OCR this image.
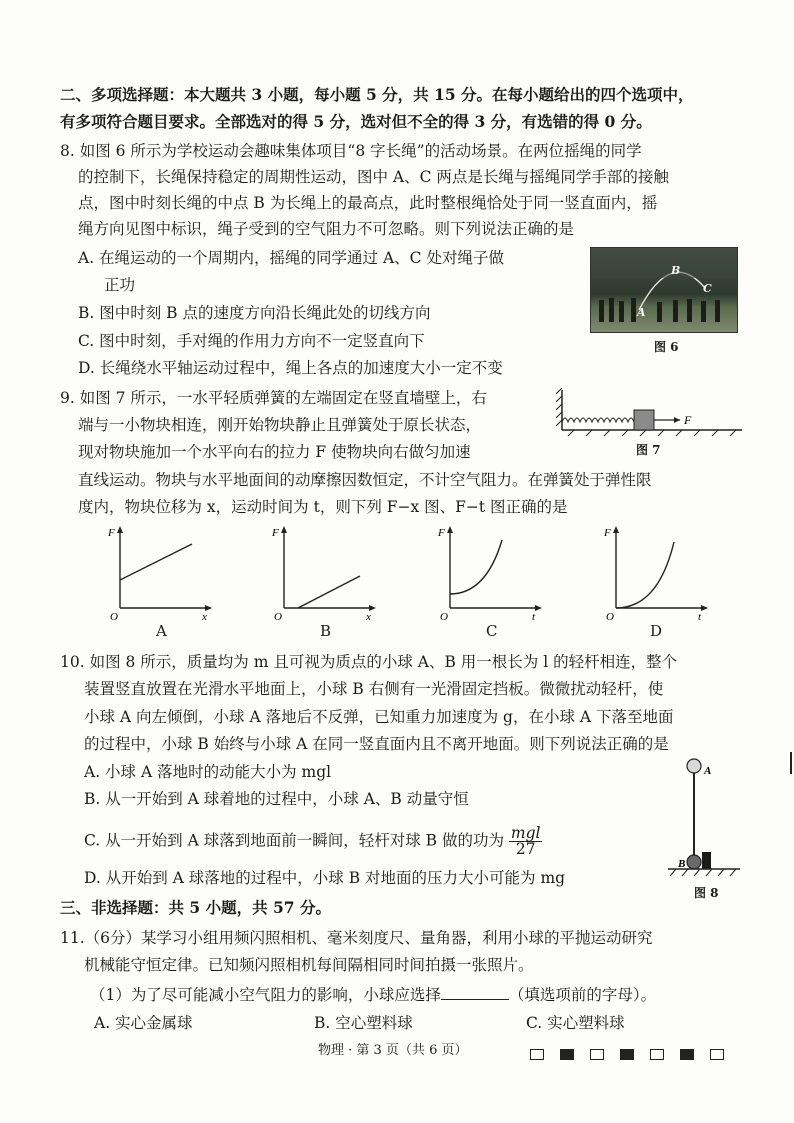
二、多项选择题：本大题共 3 小题，每小题 5 分，共 15 分。在每小题给出的四个选项中，
有多项符合题目要求。全部选对的得 5 分，选对但不全的得 3 分，有选错的得 0 分。
8. 如图 6 所示为学校运动会趣味集体项目“8 字长绳”的活动场景。在两位摇绳的同学
的控制下，长绳保持稳定的周期性运动，图中 A、C 两点是长绳与摇绳同学手部的接触
点，图中时刻长绳的中点 B 为长绳上的最高点，此时整根绳恰处于同一竖直面内，摇
绳方向见图中标识，绳子受到的空气阻力不可忽略。则下列说法正确的是
A. 在绳运动的一个周期内，摇绳的同学通过 A、C 处对绳子做
正功
B. 图中时刻 B 点的速度方向沿长绳此处的切线方向
C. 图中时刻，手对绳的作用力方向不一定竖直向下
D. 长绳绕水平轴运动过程中，绳上各点的加速度大小一定不变
B
C
A
图 6
9. 如图 7 所示，一水平轻质弹簧的左端固定在竖直墙壁上，右
端与一小物块相连，刚开始物块静止且弹簧处于原长状态，
现对物块施加一个水平向右的拉力 F 使物块向右做匀加速
直线运动。物块与水平地面间的动摩擦因数恒定，不计空气阻力。在弹簧处于弹性限
度内，物块位移为 x，运动时间为 t，则下列 F−x 图、F−t 图正确的是
F
图 7
F
x
O
F
x
O
F
t
O
F
t
O
A	B	C	D
10. 如图 8 所示，质量均为 m 且可视为质点的小球 A、B 用一根长为 l 的轻杆相连，整个
装置竖直放置在光滑水平地面上，小球 B 右侧有一光滑固定挡板。微微扰动轻杆，使
小球 A 向左倾倒，小球 A 落地后不反弹，已知重力加速度为 g，在小球 A 下落至地面
的过程中，小球 B 始终与小球 A 在同一竖直面内且不离开地面。则下列说法正确的是
A. 小球 A 落地时的动能大小为 mgl
B. 从一开始到 A 球着地的过程中，小球 A、B 动量守恒
C. 从一开始到 A 球落到地面前一瞬间，轻杆对球 B 做的功为 $\frac{\text{mgl}}{27}$
D. 从开始到 A 球落地的过程中，小球 B 对地面的压力大小可能为 mg
A
B
图 8
三、非选择题：共 5 小题，共 57 分。
11.（6分）某学习小组用频闪照相机、毫米刻度尺、量角器，利用小球的平抛运动研究
机械能守恒定律。已知频闪照相机每间隔相同时间拍摄一张照片。
（1）为了尽可能减小空气阻力的影响，小球应选择	（填选项前的字母）。
A. 实心金属球	B. 空心塑料球	C. 实心塑料球
物理 · 第 3 页（共 6 页）
